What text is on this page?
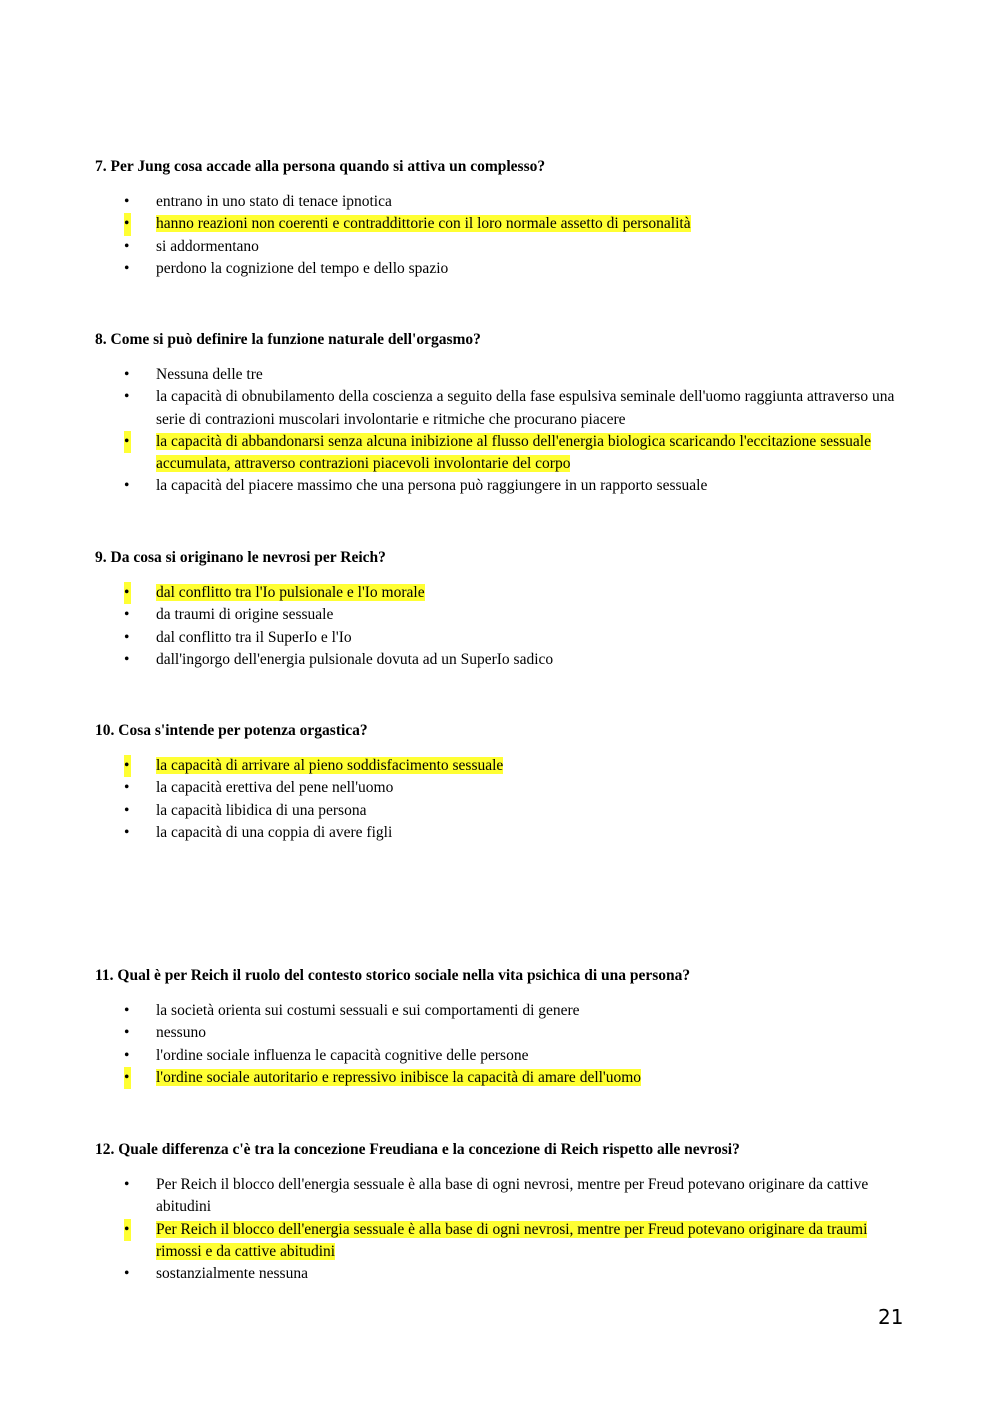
7. Per Jung cosa accade alla persona quando si attiva un complesso?
• entrano in uno stato di tenace ipnotica
• hanno reazioni non coerenti e contraddittorie con il loro normale assetto di personalità
• si addormentano
• perdono la cognizione del tempo e dello spazio
8. Come si può definire la funzione naturale dell'orgasmo?
• Nessuna delle tre
• la capacità di obnubilamento della coscienza a seguito della fase espulsiva seminale dell'uomo raggiunta attraverso una serie di contrazioni muscolari involontarie e ritmiche che procurano piacere
• la capacità di abbandonarsi senza alcuna inibizione al flusso dell'energia biologica scaricando l'eccitazione sessuale accumulata, attraverso contrazioni piacevoli involontarie del corpo
• la capacità del piacere massimo che una persona può raggiungere in un rapporto sessuale
9. Da cosa si originano le nevrosi per Reich?
• dal conflitto tra l'Io pulsionale e l'Io morale
• da traumi di origine sessuale
• dal conflitto tra il SuperIo e l'Io
• dall'ingorgo dell'energia pulsionale dovuta ad un SuperIo sadico
10. Cosa s'intende per potenza orgastica?
• la capacità di arrivare al pieno soddisfacimento sessuale
• la capacità erettiva del pene nell'uomo
• la capacità libidica di una persona
• la capacità di una coppia di avere figli
11. Qual è per Reich il ruolo del contesto storico sociale nella vita psichica di una persona?
• la società orienta sui costumi sessuali e sui comportamenti di genere
• nessuno
• l'ordine sociale influenza le capacità cognitive delle persone
• l'ordine sociale autoritario e repressivo inibisce la capacità di amare dell'uomo
12. Quale differenza c'è tra la concezione Freudiana e la concezione di Reich rispetto alle nevrosi?
• Per Reich il blocco dell'energia sessuale è alla base di ogni nevrosi, mentre per Freud potevano originare da cattive abitudini
• Per Reich il blocco dell'energia sessuale è alla base di ogni nevrosi, mentre per Freud potevano originare da traumi rimossi e da cattive abitudini
• sostanzialmente nessuna
21
